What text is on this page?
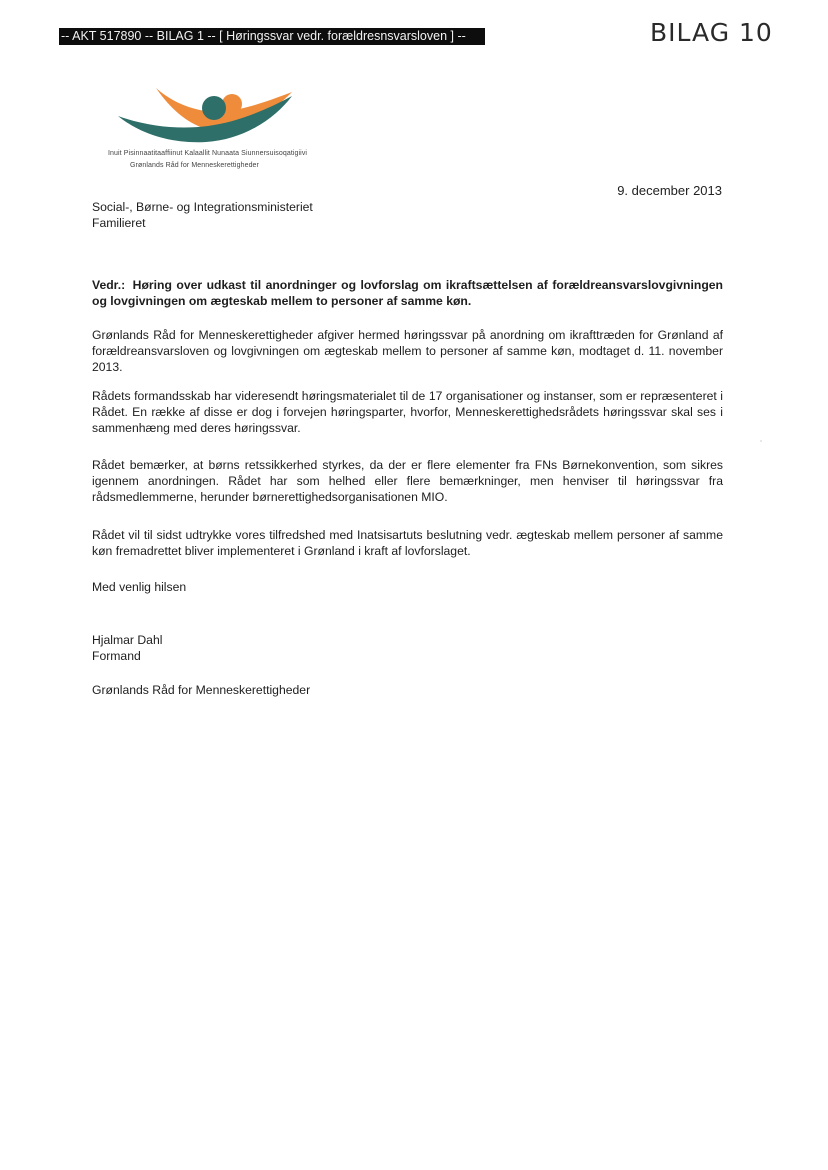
-- AKT 517890 -- BILAG 1 -- [ Høringssvar vedr. forældresnsvarsloven ] --	BILAG 10
Inuit Pisinnaatitaaffiinut Kalaallit Nunaata Siunnersuisoqatigiivi
Grønlands Råd for Menneskerettigheder
9. december 2013
Social-, Børne- og Integrationsministeriet
Familieret
Vedr.: Høring over udkast til anordninger og lovforslag om ikraftsættelsen af forældreansvarslovgivningen og lovgivningen om ægteskab mellem to personer af samme køn.

Grønlands Råd for Menneskerettigheder afgiver hermed høringssvar på anordning om ikrafttræden for Grønland af forældreansvarsloven og lovgivningen om ægteskab mellem to personer af samme køn, modtaget d. 11. november 2013.

Rådets formandsskab har videresendt høringsmaterialet til de 17 organisationer og instanser, som er repræsenteret i Rådet. En række af disse er dog i forvejen høringsparter, hvorfor, Menneskerettighedsrådets høringssvar skal ses i sammenhæng med deres høringssvar.

Rådet bemærker, at børns retssikkerhed styrkes, da der er flere elementer fra FNs Børnekonvention, som sikres igennem anordningen. Rådet har som helhed eller flere bemærkninger, men henviser til høringssvar fra rådsmedlemmerne, herunder børnerettighedsorganisationen MIO.

Rådet vil til sidst udtrykke vores tilfredshed med Inatsisartuts beslutning vedr. ægteskab mellem personer af samme køn fremadrettet bliver implementeret i Grønland i kraft af lovforslaget.

Med venlig hilsen
Hjalmar Dahl
Formand
Grønlands Råd for Menneskerettigheder
